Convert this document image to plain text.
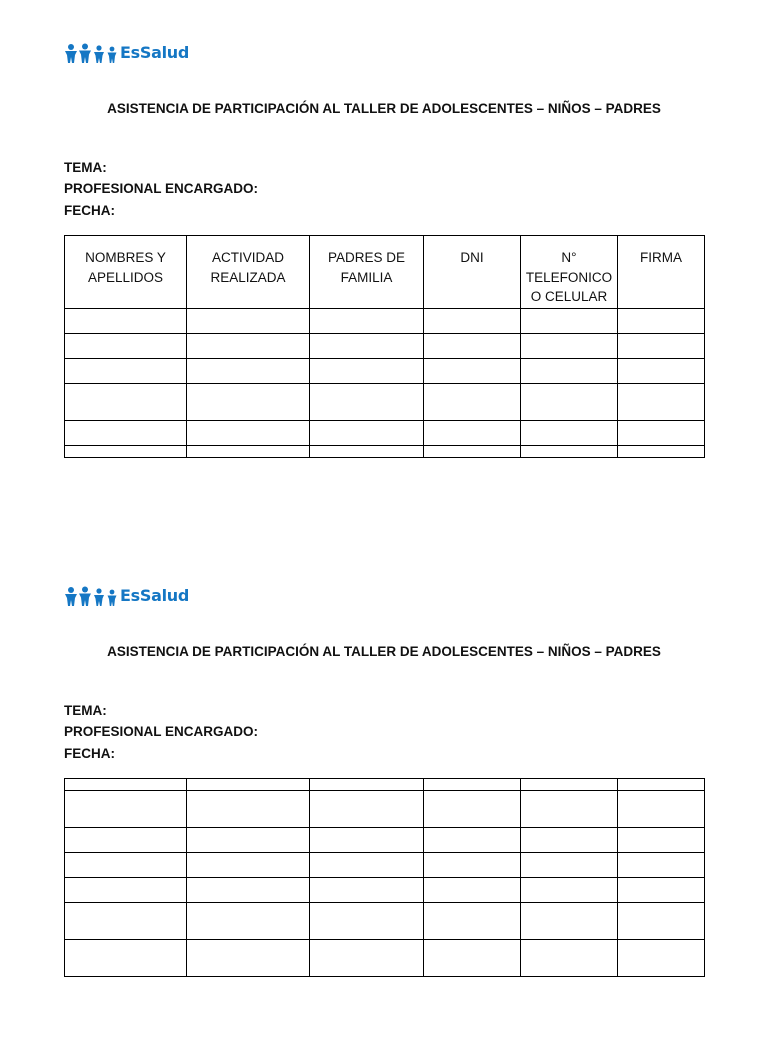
EsSalud
ASISTENCIA DE PARTICIPACIÓN AL TALLER DE ADOLESCENTES – NIÑOS – PADRES
TEMA:
PROFESIONAL ENCARGADO:
FECHA:
NOMBRES Y APELLIDOS	ACTIVIDAD REALIZADA	PADRES DE FAMILIA	DNI	N° TELEFONICO O CELULAR	FIRMA

EsSalud
ASISTENCIA DE PARTICIPACIÓN AL TALLER DE ADOLESCENTES – NIÑOS – PADRES
TEMA:
PROFESIONAL ENCARGADO:
FECHA:
